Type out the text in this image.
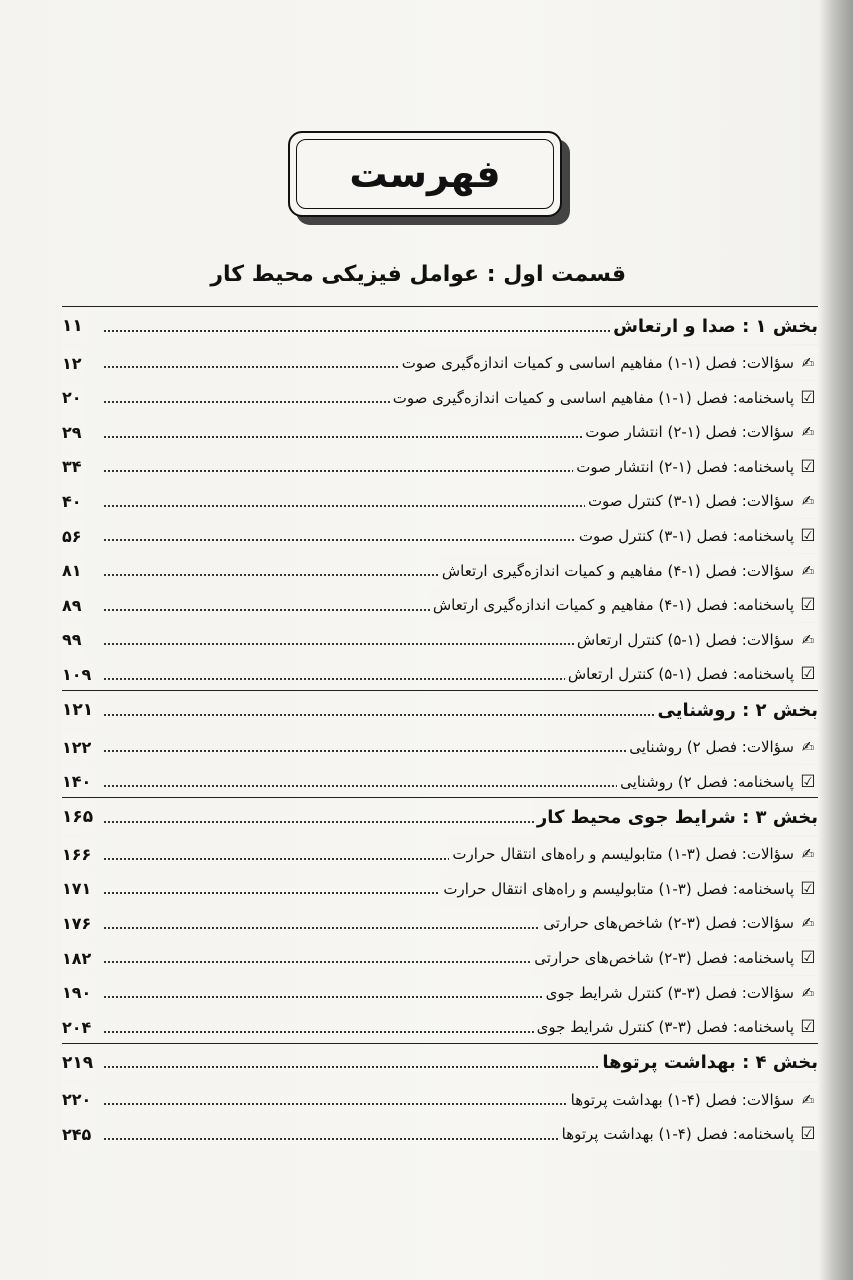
فهرست
قسمت اول : عوامل فیزیکی محیط کار
بخش ۱ : صدا و ارتعاش
۱۱
✍
سؤالات: فصل (۱-۱) مفاهیم اساسی و کمیات اندازه‌گیری صوت
۱۲
☑
پاسخنامه: فصل (۱-۱) مفاهیم اساسی و کمیات اندازه‌گیری صوت
۲۰
✍
سؤالات: فصل (۱-۲) انتشار صوت
۲۹
☑
پاسخنامه: فصل (۱-۲) انتشار صوت
۳۴
✍
سؤالات: فصل (۱-۳) کنترل صوت
۴۰
☑
پاسخنامه: فصل (۱-۳) کنترل صوت
۵۶
✍
سؤالات: فصل (۱-۴) مفاهیم و کمیات اندازه‌گیری ارتعاش
۸۱
☑
پاسخنامه: فصل (۱-۴) مفاهیم و کمیات اندازه‌گیری ارتعاش
۸۹
✍
سؤالات: فصل (۱-۵) کنترل ارتعاش
۹۹
☑
پاسخنامه: فصل (۱-۵) کنترل ارتعاش
۱۰۹
بخش ۲ : روشنایی
۱۲۱
✍
سؤالات: فصل ۲) روشنایی
۱۲۲
☑
پاسخنامه: فصل ۲) روشنایی
۱۴۰
بخش ۳ : شرایط جوی محیط کار
۱۶۵
✍
سؤالات: فصل (۳-۱) متابولیسم و راه‌های انتقال حرارت
۱۶۶
☑
پاسخنامه: فصل (۳-۱) متابولیسم و راه‌های انتقال حرارت
۱۷۱
✍
سؤالات: فصل (۳-۲) شاخص‌های حرارتی
۱۷۶
☑
پاسخنامه: فصل (۳-۲) شاخص‌های حرارتی
۱۸۲
✍
سؤالات: فصل (۳-۳) کنترل شرایط جوی
۱۹۰
☑
پاسخنامه: فصل (۳-۳) کنترل شرایط جوی
۲۰۴
بخش ۴ : بهداشت پرتوها
۲۱۹
✍
سؤالات: فصل (۴-۱) بهداشت پرتوها
۲۲۰
☑
پاسخنامه: فصل (۴-۱) بهداشت پرتوها
۲۴۵
